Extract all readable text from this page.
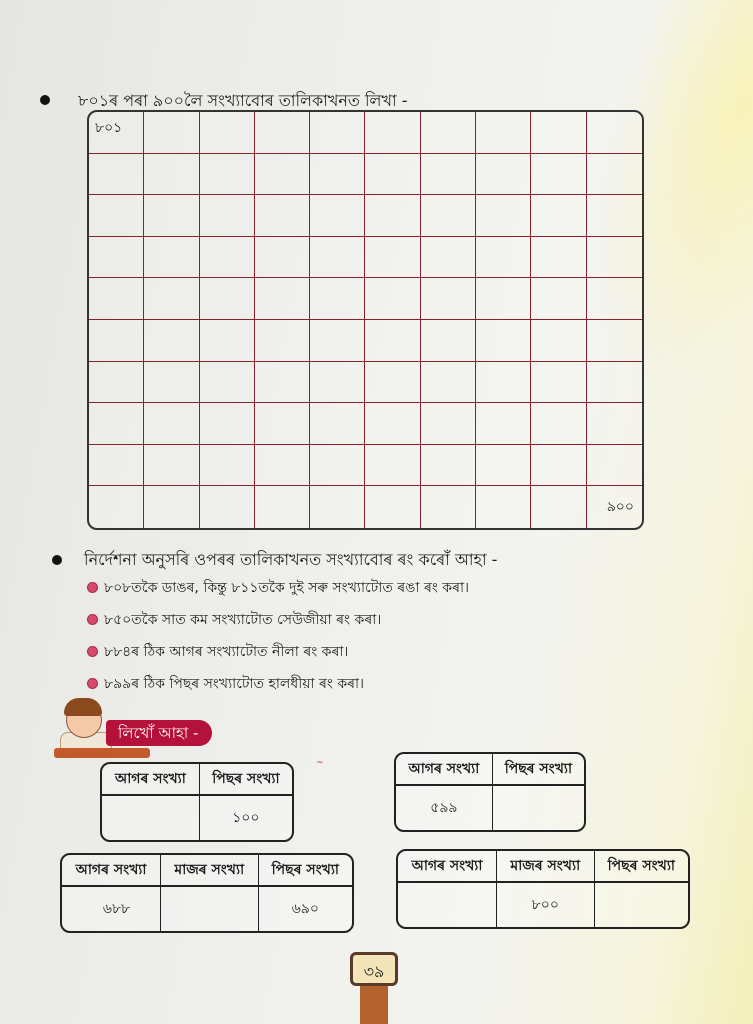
৮০১ৰ পৰা ৯০০লৈ সংখ্যাবোৰ তালিকাখনত লিখা -
৮০১
৯০০
নিৰ্দেশনা অনুসৰি ওপৰৰ তালিকাখনত সংখ্যাবোৰ ৰং কৰোঁ আহা -
৮০৮তকৈ ডাঙৰ, কিন্তু ৮১১তকৈ দুই সৰু সংখ্যাটোত ৰঙা ৰং কৰা।
৮৫০তকৈ সাত কম সংখ্যাটোত সেউজীয়া ৰং কৰা।
৮৮৪ৰ ঠিক আগৰ সংখ্যাটোত নীলা ৰং কৰা।
৮৯৯ৰ ঠিক পিছৰ সংখ্যাটোত হালধীয়া ৰং কৰা।
লিখোঁ আহা -
~
আগৰ সংখ্যা	পিছৰ সংখ্যা
	১০০
আগৰ সংখ্যা	পিছৰ সংখ্যা
৫৯৯	
আগৰ সংখ্যা	মাজৰ সংখ্যা	পিছৰ সংখ্যা
৬৮৮		৬৯০
আগৰ সংখ্যা	মাজৰ সংখ্যা	পিছৰ সংখ্যা
	৮০০	
৩৯
